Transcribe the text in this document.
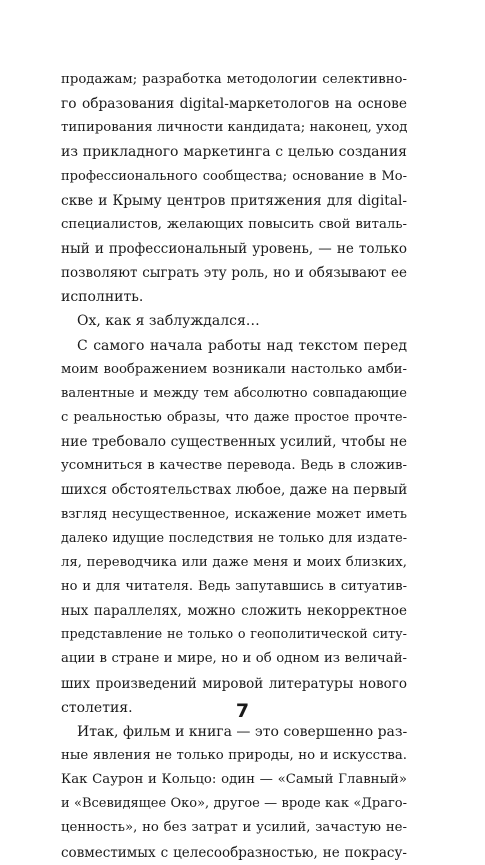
продажам; разработка методологии селективно-
го образования digital-маркетологов на основе
типирования личности кандидата; наконец, уход
из прикладного маркетинга с целью создания
профессионального сообщества; основание в Мо-
скве и Крыму центров притяжения для digital-
специалистов, желающих повысить свой виталь-
ный и профессиональный уровень, — не только
позволяют сыграть эту роль, но и обязывают ее
исполнить.
Ох, как я заблуждался…
С самого начала работы над текстом перед
моим воображением возникали настолько амби-
валентные и между тем абсолютно совпадающие
с реальностью образы, что даже простое прочте-
ние требовало существенных усилий, чтобы не
усомниться в качестве перевода. Ведь в сложив-
шихся обстоятельствах любое, даже на первый
взгляд несущественное, искажение может иметь
далеко идущие последствия не только для издате-
ля, переводчика или даже меня и моих близких,
но и для читателя. Ведь запутавшись в ситуатив-
ных параллелях, можно сложить некорректное
представление не только о геополитической ситу-
ации в стране и мире, но и об одном из величай-
ших произведений мировой литературы нового
столетия.
Итак, фильм и книга — это совершенно раз-
ные явления не только природы, но и искусства.
Как Саурон и Кольцо: один — «Самый Главный»
и «Всевидящее Око», другое — вроде как «Драго-
ценность», но без затрат и усилий, зачастую не-
совместимых с целесообразностью, не покрасу-
7
